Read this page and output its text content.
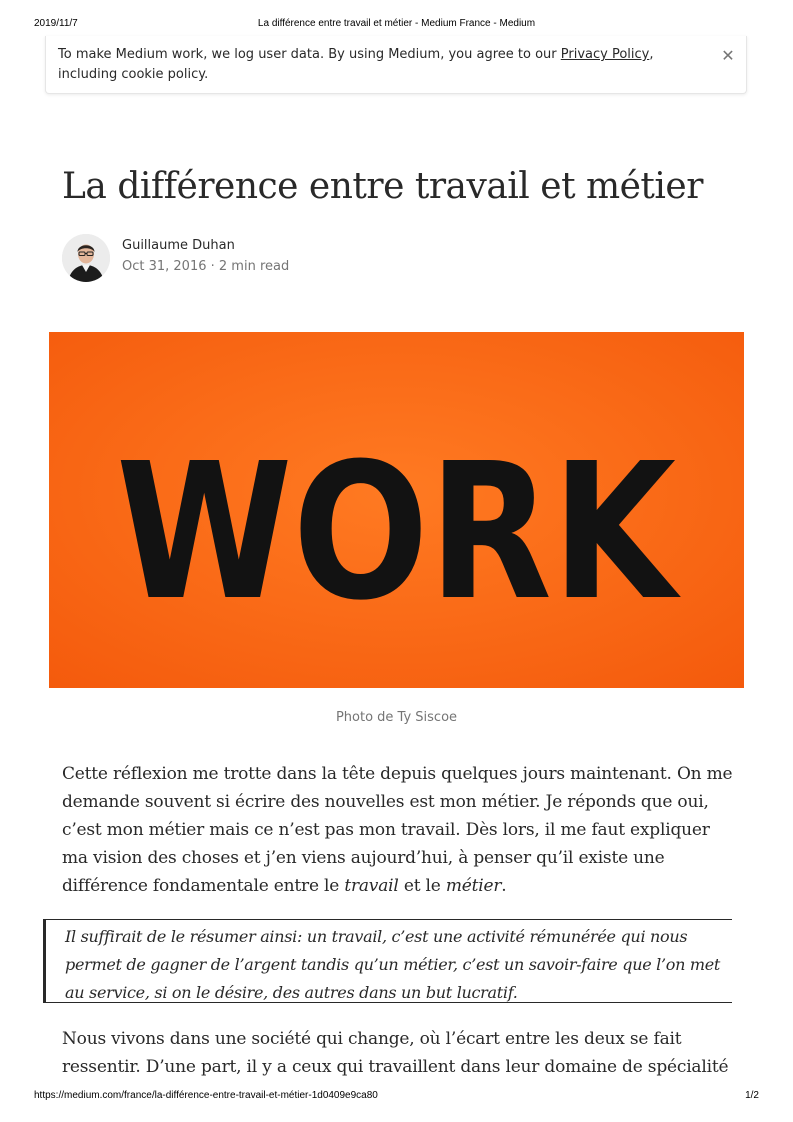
2019/11/7	La différence entre travail et métier - Medium France - Medium
To make Medium work, we log user data. By using Medium, you agree to our Privacy Policy, including cookie policy.
✕
La différence entre travail et métier
Guillaume Duhan
Oct 31, 2016 · 2 min read
WORK
Photo de Ty Siscoe

Cette réflexion me trotte dans la tête depuis quelques jours maintenant. On me demande souvent si écrire des nouvelles est mon métier. Je réponds que oui, c’est mon métier mais ce n’est pas mon travail. Dès lors, il me faut expliquer ma vision des choses et j’en viens aujourd’hui, à penser qu’il existe une différence fondamentale entre le travail et le métier.

Il suffirait de le résumer ainsi: un travail, c’est une activité rémunérée qui nous permet de gagner de l’argent tandis qu’un métier, c’est un savoir-faire que l’on met au service, si on le désire, des autres dans un but lucratif.

Nous vivons dans une société qui change, où l’écart entre les deux se fait ressentir. D’une part, il y a ceux qui travaillent dans leur domaine de spécialité

https://medium.com/france/la-différence-entre-travail-et-métier-1d0409e9ca80	1/2
